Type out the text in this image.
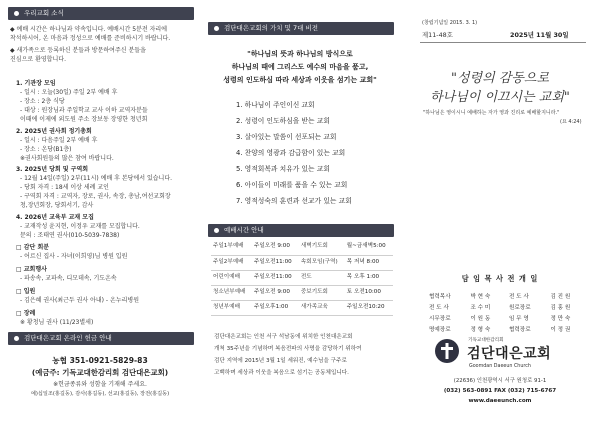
우리교회 소식
◆ 예배 시간은 하나님과 약속입니다. 예배시간 5분전 자리에
착석하시어, 온 마음과 정성으로 예배를 준비하시기 바랍니다.
◆ 새가족으로 등록하신 분들과 방문하여주신 분들을
진심으로 환영합니다.
1. 기관장 모임
- 일시 : 오늘(30일) 주일 2부 예배 후
- 장소 : 2층 식당
- 대상 : 원장님과 주일학교 교사 이하 교역자분들
이때에 이제에 외도원 주소 장보동 장영한 청년회
2. 2025년 권사회 정기총회
- 일시 : 다음주일 2부 예배 후
- 장소 : 온당(B1층)
※권사회원들의 많은 참여 바랍니다.
3. 2025년 당회 및 구역회
- 12월 14일(주일) 2부(11시) 예배 후 본당에서 있습니다.
- 당회 자격 : 18세 이상 세례 교인
- 구역회 자격 : 교역자, 장로, 권사, 속장, 총남,여선교회장
청,장년회장, 당회서기, 감사
4. 2026년 교육부 교재 모집
- 교재작성 윤지현, 이정우 교재를 모집합니다.
문의 : 조태연 권사(010-5039-7838)
□ 감단 회분
- 어르신 집사 - 자녀(이희영)님 병원 입원
□ 교회행사
- 파송속, 교파속, 디모데속, 기도온속
□ 입원
- 김은혜 권사(최근두 권사 아내) - 온누리병원
□ 장례
※ 황청님 권사 (11/23별세)
검단대은교회 온라인 헌금 안내
농협 351-0921-5829-83
(예금주: 기독교대한감리회 검단대은교회)
※헌금종류와 성함을 기재해 주세요.
예)십일조(홍길동), 감사(홍길동), 선교(홍길동), 장전(홍길동)
검단대은교회의 가치 및 7대 비전
"하나님의 뜻과 하나님의 방식으로
하나님의 때에 그리스도 예수의 마음을 품고,
성령의 인도하심 따라 세상과 이웃을 섬기는 교회"
1. 하나님이 주인이신 교회
2. 성령이 인도하심을 받는 교회
3. 살아있는 말씀이 선포되는 교회
4. 찬양의 영광과 감급함이 있는 교회
5. 영적회복과 치유가 있는 교회
6. 아이들이 미래를 품을 수 있는 교회
7. 영적성숙의 훈련과 선교가 있는 교회
예배시간 안내
주일1부예배	주일오전 9:00	새벽기도회	월~금새벽5:00
주일2부예배	주일오전11:00	속회모임(구역)	목 저녁 8:00
어린이예배	주일오전11:00	전도	목 오후 1:00
청소년부예배	주일오전 9:00	중보기도회	토 오전10:00
청년부예배	주일오후1:00	새가족교육	주일오전10:20
검단대은교회는 인천 서구 석남동에 위치한 인천대은교회
개척 35주년을 기념하며 복음전파의 사명을 감당하기 위하여
검단 지역에 2015년 3월 1일 세워진, 예수님을 구주로
고백하며 세상과 이웃을 복음으로 섬기는 공동체입니다.
(창립기념일 2015. 3. 1)
제11-48호	2025년 11월 30일
"성령의 감동으로
하나님이 이끄시는 교회"
"하나님은 영이시니 예배하는 자가 영과 진리로 예배할지니라."
(요 4:24)
담 임 목 사 전 개 일
협력목사	박 현 숙	전 도 사	김 진 원
전 도 사	조 수 미	원로장로	김 홍 원
시무장로	이 원 동	임 무 영	정 만 숙
명예장로	정 형 숙	협력장로	이 정 권
기독교대한감리회
검단대은교회
Goomdan Daeeun Church
(22636) 인천광역시 서구 원청로 91-1
(032) 563-0891 FAX (032) 715-6767
www.daeeunch.com
